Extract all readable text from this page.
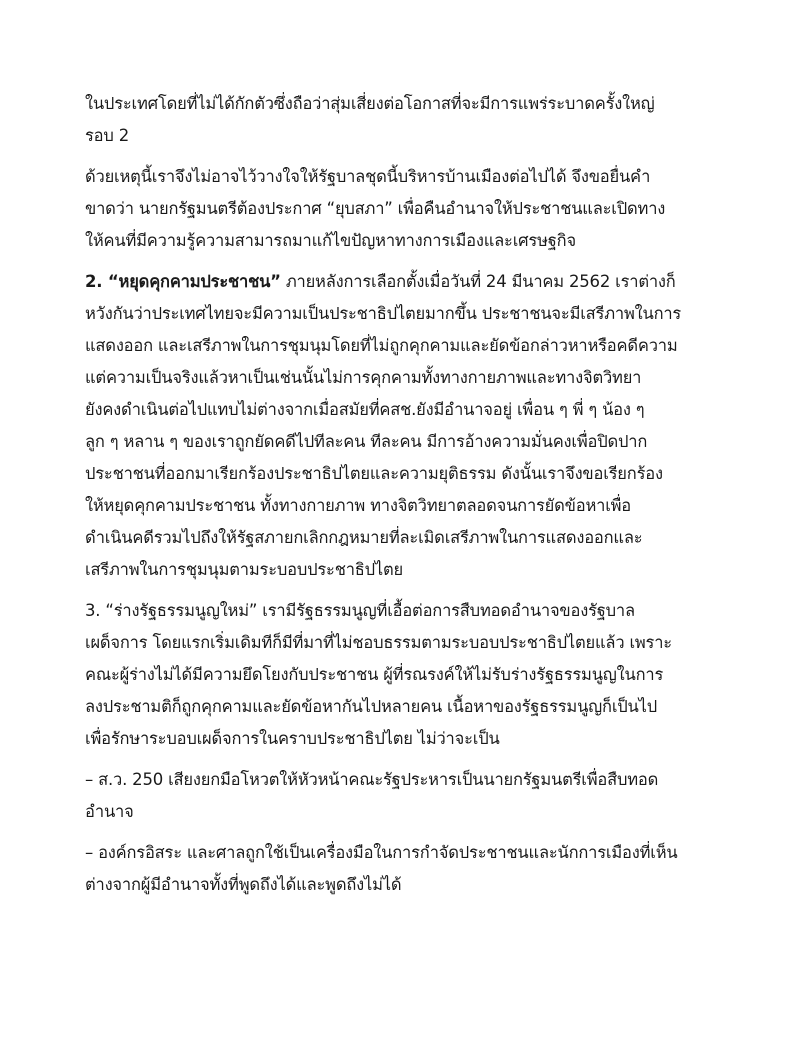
ในประเทศโดยที่ไม่ได้กักตัวซึ่งถือว่าสุ่มเสี่ยงต่อโอกาสที่จะมีการแพร่ระบาดครั้งใหญ่
รอบ 2

ด้วยเหตุนี้เราจึงไม่อาจไว้วางใจให้รัฐบาลชุดนี้บริหารบ้านเมืองต่อไปได้ จึงขอยื่นคำ
ขาดว่า นายกรัฐมนตรีต้องประกาศ “ยุบสภา” เพื่อคืนอำนาจให้ประชาชนและเปิดทาง
ให้คนที่มีความรู้ความสามารถมาแก้ไขปัญหาทางการเมืองและเศรษฐกิจ

2. “หยุดคุกคามประชาชน” ภายหลังการเลือกตั้งเมื่อวันที่ 24 มีนาคม 2562 เราต่างก็
หวังกันว่าประเทศไทยจะมีความเป็นประชาธิปไตยมากขึ้น ประชาชนจะมีเสรีภาพในการ
แสดงออก และเสรีภาพในการชุมนุมโดยที่ไม่ถูกคุกคามและยัดข้อกล่าวหาหรือคดีความ
แต่ความเป็นจริงแล้วหาเป็นเช่นนั้นไม่การคุกคามทั้งทางกายภาพและทางจิตวิทยา
ยังคงดำเนินต่อไปแทบไม่ต่างจากเมื่อสมัยที่คสช.ยังมีอำนาจอยู่ เพื่อน ๆ พี่ ๆ น้อง ๆ
ลูก ๆ หลาน ๆ ของเราถูกยัดคดีไปทีละคน ทีละคน มีการอ้างความมั่นคงเพื่อปิดปาก
ประชาชนที่ออกมาเรียกร้องประชาธิปไตยและความยุติธรรม ดังนั้นเราจึงขอเรียกร้อง
ให้หยุดคุกคามประชาชน ทั้งทางกายภาพ ทางจิตวิทยาตลอดจนการยัดข้อหาเพื่อ
ดำเนินคดีรวมไปถึงให้รัฐสภายกเลิกกฎหมายที่ละเมิดเสรีภาพในการแสดงออกและ
เสรีภาพในการชุมนุมตามระบอบประชาธิปไตย

3. “ร่างรัฐธรรมนูญใหม่” เรามีรัฐธรรมนูญที่เอื้อต่อการสืบทอดอำนาจของรัฐบาล
เผด็จการ โดยแรกเริ่มเดิมทีก็มีที่มาที่ไม่ชอบธรรมตามระบอบประชาธิปไตยแล้ว เพราะ
คณะผู้ร่างไม่ได้มีความยึดโยงกับประชาชน ผู้ที่รณรงค์ให้ไม่รับร่างรัฐธรรมนูญในการ
ลงประชามติก็ถูกคุกคามและยัดข้อหากันไปหลายคน เนื้อหาของรัฐธรรมนูญก็เป็นไป
เพื่อรักษาระบอบเผด็จการในคราบประชาธิปไตย ไม่ว่าจะเป็น

– ส.ว. 250 เสียงยกมือโหวตให้หัวหน้าคณะรัฐประหารเป็นนายกรัฐมนตรีเพื่อสืบทอด
อำนาจ

– องค์กรอิสระ และศาลถูกใช้เป็นเครื่องมือในการกำจัดประชาชนและนักการเมืองที่เห็น
ต่างจากผู้มีอำนาจทั้งที่พูดถึงได้และพูดถึงไม่ได้
